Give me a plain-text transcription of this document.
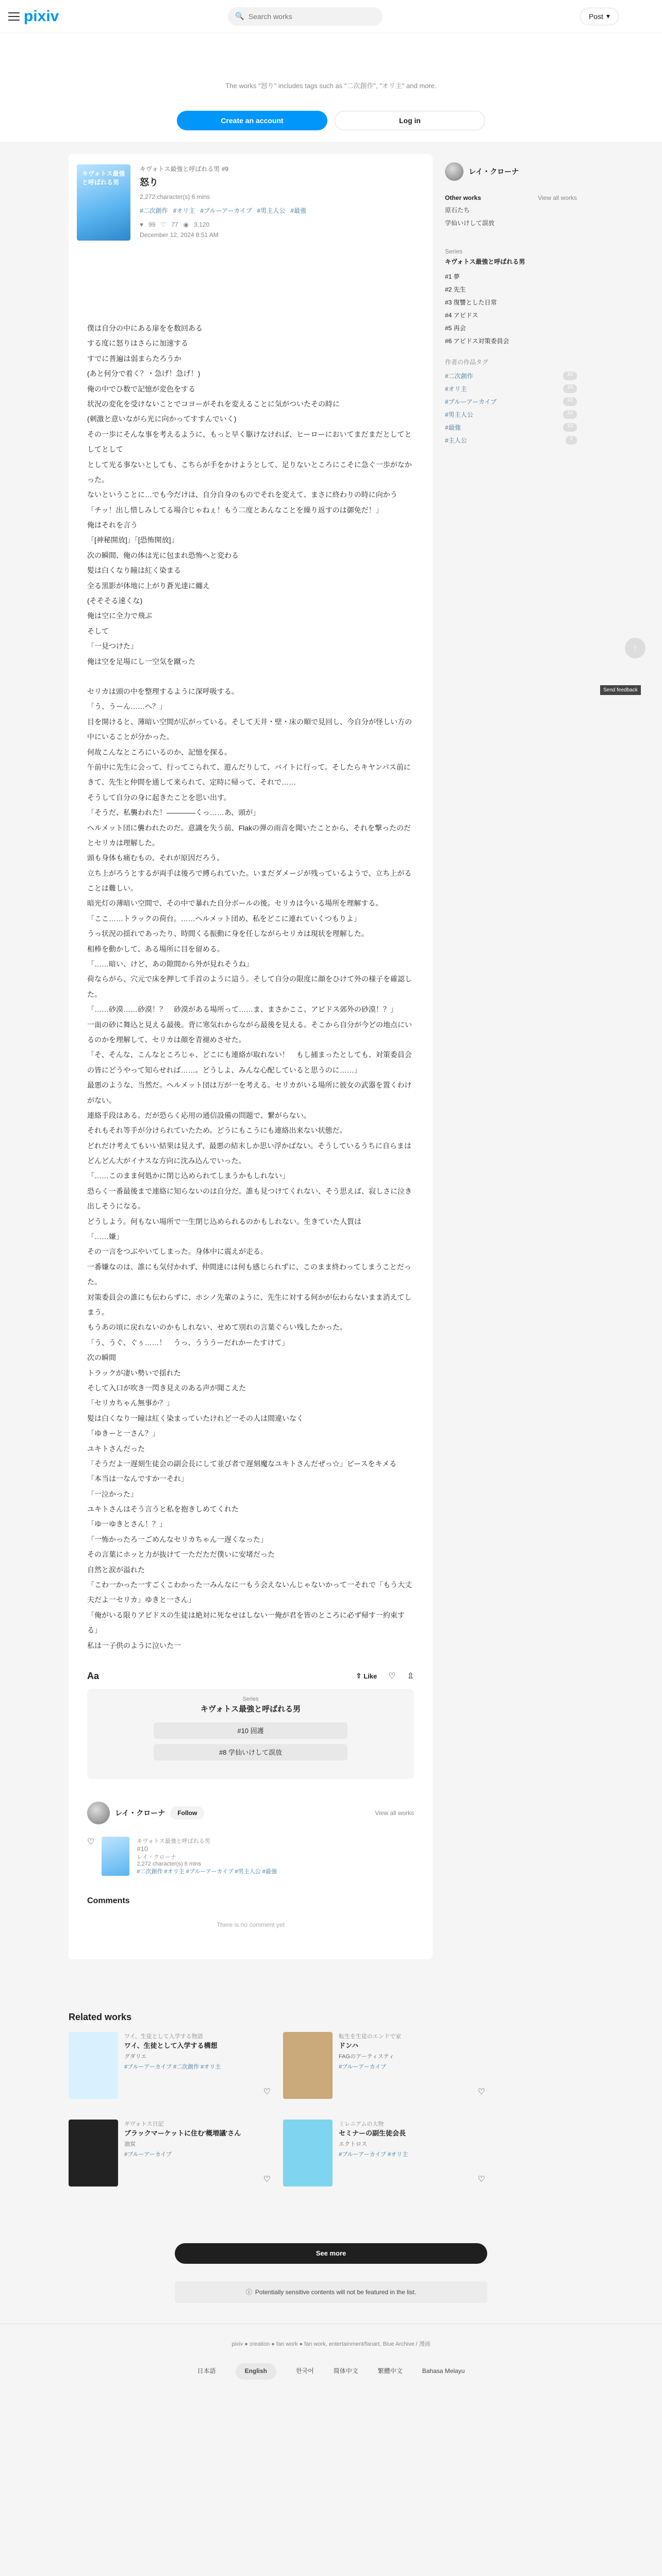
pixiv	🔍
Search works	Post ▾

The works "怒り" includes tags such as "二次創作", "オリ主" and more.

Create an account	Log in
キヴォトス最強と呼ばれる男
キヴォトス最強と呼ばれる男 #9
怒り
2,272 character(s) 6 mins
#二次創作 #オリ主 #ブルーアーカイブ #男主人公 #最強
♥ 99 ♡ 77 ◉ 3,120
December 12, 2024 8:51 AM

僕は自分の中にある扉をを数回ある

する度に怒りはさらに加速する

すでに普遍は弱まらたろうか

(あと何分で着く？・急げ！急げ！)

俺の中でひ数で記憶が変色をする

状況の変化を受けないことでコヨーがそれを変えることに気がついたその時に

(刺激と意いながら光に向かってすすんでいく)

その一歩にそんな事を考えるように、もっと早く駆けなければ、ヒーローにおいてまだまだとしてとしてとして

として光る事ないとしても、こちらが手をかけようとして、足りないところにこそに急ぐ一歩がなかった。

ないということに…でも今だけは、自分自身のものでそれを変えて、まさに終わりの時に向かう

「チッ！出し惜しみしてる場合じゃねぇ！もう二度とあんなことを繰り返すのは御免だ！」

俺はそれを言う

「[神秘開放]」「[恐怖開放]」

次の瞬間、俺の体は光に包まれ恐怖へと変わる

髪は白くなり瞳は紅く染まる

全る黒影が体地に上がり蒼光達に纏え

(そそそる速くな)

俺は空に全力で飛ぶ

そして

「一見つけた」

俺は空を足場にし一空気を蹴った

セリカは頭の中を整理するように深呼吸する。

「う、うーん……へ？」

目を開けると、薄暗い空間が広がっている。そして天井・壁・床の順で見回し、今自分が怪しい方の中にいることが分かった。

何故こんなところにいるのか、記憶を探る。

午前中に先生に会って、行ってこられて、遊んだりして、バイトに行って。そしたらキヤンパス前にきて、先生と仲間を通して来られて、定時に帰って、それで……

そうして自分の身に起きたことを思い出す。

「そうだ、私襲われた！――――くっ……あ、頭が」

ヘルメット団に襲われたのだ。意識を失う前、Flakの弾の雨音を聞いたことから、それを撃ったのだとセリカは理解した。

頭も身体も痛むもの、それが原因だろう。

立ち上がろうとするが両手は後ろで縛られていた。いまだダメージが残っているようで、立ち上がることは難しい。

暗光灯の薄暗い空間で、その中で暴れた自分ボールの後。セリカは今いる場所を理解する。

「ここ……トラックの荷台。……ヘルメット団め、私をどこに連れていくつもりよ」

うっ状況の揺れであったり、時間くる振動に身を任しながらセリカは現状を理解した。

相棒を動かして、ある場所に目を留める。

「……暗い、けど、あの隙間から外が見れそうね」

荷ならがら、穴元で床を押して手首のように這う。そして自分の限度に顔をひけて外の様子を確認した。

「……砂漠……砂漠！？　砂漠がある場所って……ま、まさかここ、アビドス郊外の砂漠！？」

一面の砂に舞込と見える最後。背に寒気れからながら最後を見える。そこから自分が今どの地点にいるのかを理解して、セリカは顔を青褪めさせた。

「そ、そんな、こんなところじゃ、どこにも連絡が取れない！　もし捕まったとしても、対策委員会の皆にどうやって知らせれば……。どうしよ、みんな心配していると思うのに……」

最悪のような、当然だ。ヘルメット団は万が一を考える。セリカがいる場所に彼女の武器を置くわけがない。

連絡手段はある。だが恐らく応用の通信設備の問題で、繋がらない。

それもそれ等手が分けられていたため。どうにもこうにも連絡出来ない状態だ。

どれだけ考えてもいい結果は見えず、最悪の結末しか思い浮かばない。そうしているうちに自らまはどんどん大がイナスな方向に沈み込んでいった。

「……このまま何処かに閉じ込められてしまうかもしれない」

恐らく一番最後まで連絡に知らないのは自分だ。誰も見つけてくれない、そう思えば、寂しさに泣き出しそうになる。

どうしよう。何もない場所で一生閉じ込められるのかもしれない。生きていた人質は

「……嫌」

その一言をつぶやいてしまった。身体中に震えが走る。

一番嫌なのは、誰にも気付かれず、仲間達には何も感じられずに、このまま終わってしまうことだった。

対策委員会の誰にも伝わらずに、ホシノ先輩のように、先生に対する何かが伝わらないまま消えてしまう。

もうあの頃に戻れないのかもしれない、せめて別れの言葉ぐらい残したかった。

「う、うぐ、ぐぅ……！　うっ、うううーだれかーたすけて」

次の瞬間

トラックが凄い勢いで揺れた

そして入口が吹き一閃き見えのある声が聞こえた

「セリカちゃん無事か？」

髪は白くなり一瞳は紅く染まっていたけれど一その人は間違いなく

「ゆきーと一さん？」

ユキトさんだった

「そうだよ一遅刻生徒会の副会長にして並び者で遅刻魔なユキトさんだぜっ☆」ピースをキメる

「本当は一なんですか一それ」

「一泣かった」

ユキトさんはそう言うと私を抱きしめてくれた

「ゆ一ゆきとさん！？」

「一怖かったろ一ごめんなセリカちゃん一遅くなった」

その言葉にホッと力が抜けて一ただただ僕いに安堵だった

自然と涙が溢れた

「こわ一かった一すごくこわかった一みんなに一もう会えないんじゃないかって一それで「もう大丈夫だよ一セリカ」ゆきと一さん」

「俺がいる限りアビドスの生徒は絶対に死なせはしない一俺が君を皆のところに必ず帰す一約束する」

私は一子供のように泣いた一

Aa	⇧ Like ♡ ⇫
Series
キヴォトス最強と呼ばれる男
#10 固護
#8 学仙いけして誤放
レイ・クローナ	Follow	View all works
♡	キヴォトス最強と呼ばれる男
#10
レイ・クローナ
2,272 character(s) 6 mins
#二次創作 #オリ主 #ブルーアーカイブ #男主人公 #最強
Comments

There is no comment yet

レイ・クローナ
Other works	View all works
原石たち
学仙いけして誤放
Series
キヴォトス最強と呼ばれる男
#1 夢
#2 先生
#3 復讐とした日常
#4 アビドス
#5 再会
#6 アビドス対策委員会
作者の作品タグ
#二次創作	10
#オリ主	10
#ブルーアーカイブ	10
#男主人公	10
#最強	10
#主人公	2
Related works
ワイ、生徒として入学する物語
ワイ、生徒として入学する構想
グダリエ
#ブルーアーカイブ #二次創作 #オリ主
♡
転生を生徒のエンドで家
ドンハ
FAGのアーティスティ
#ブルーアーカイブ
♡
ギヴォトス日記
ブラックマーケットに住む'概増議'さん
油炭
#ブルーアーカイブ
♡
ミレニアムの大物
セミナーの副生徒会長
エクトロス
#ブルーアーカイブ #オリ主
♡
See more
ⓘ Potentially sensitive contents will not be featured in the list.
pixiv ● creation ● fan work ● fan work, entertainment/fanart, Blue Archive / 漫画
日本語	English	한국어	简体中文	繁體中文	Bahasa Melayu
↑
Send feedback
